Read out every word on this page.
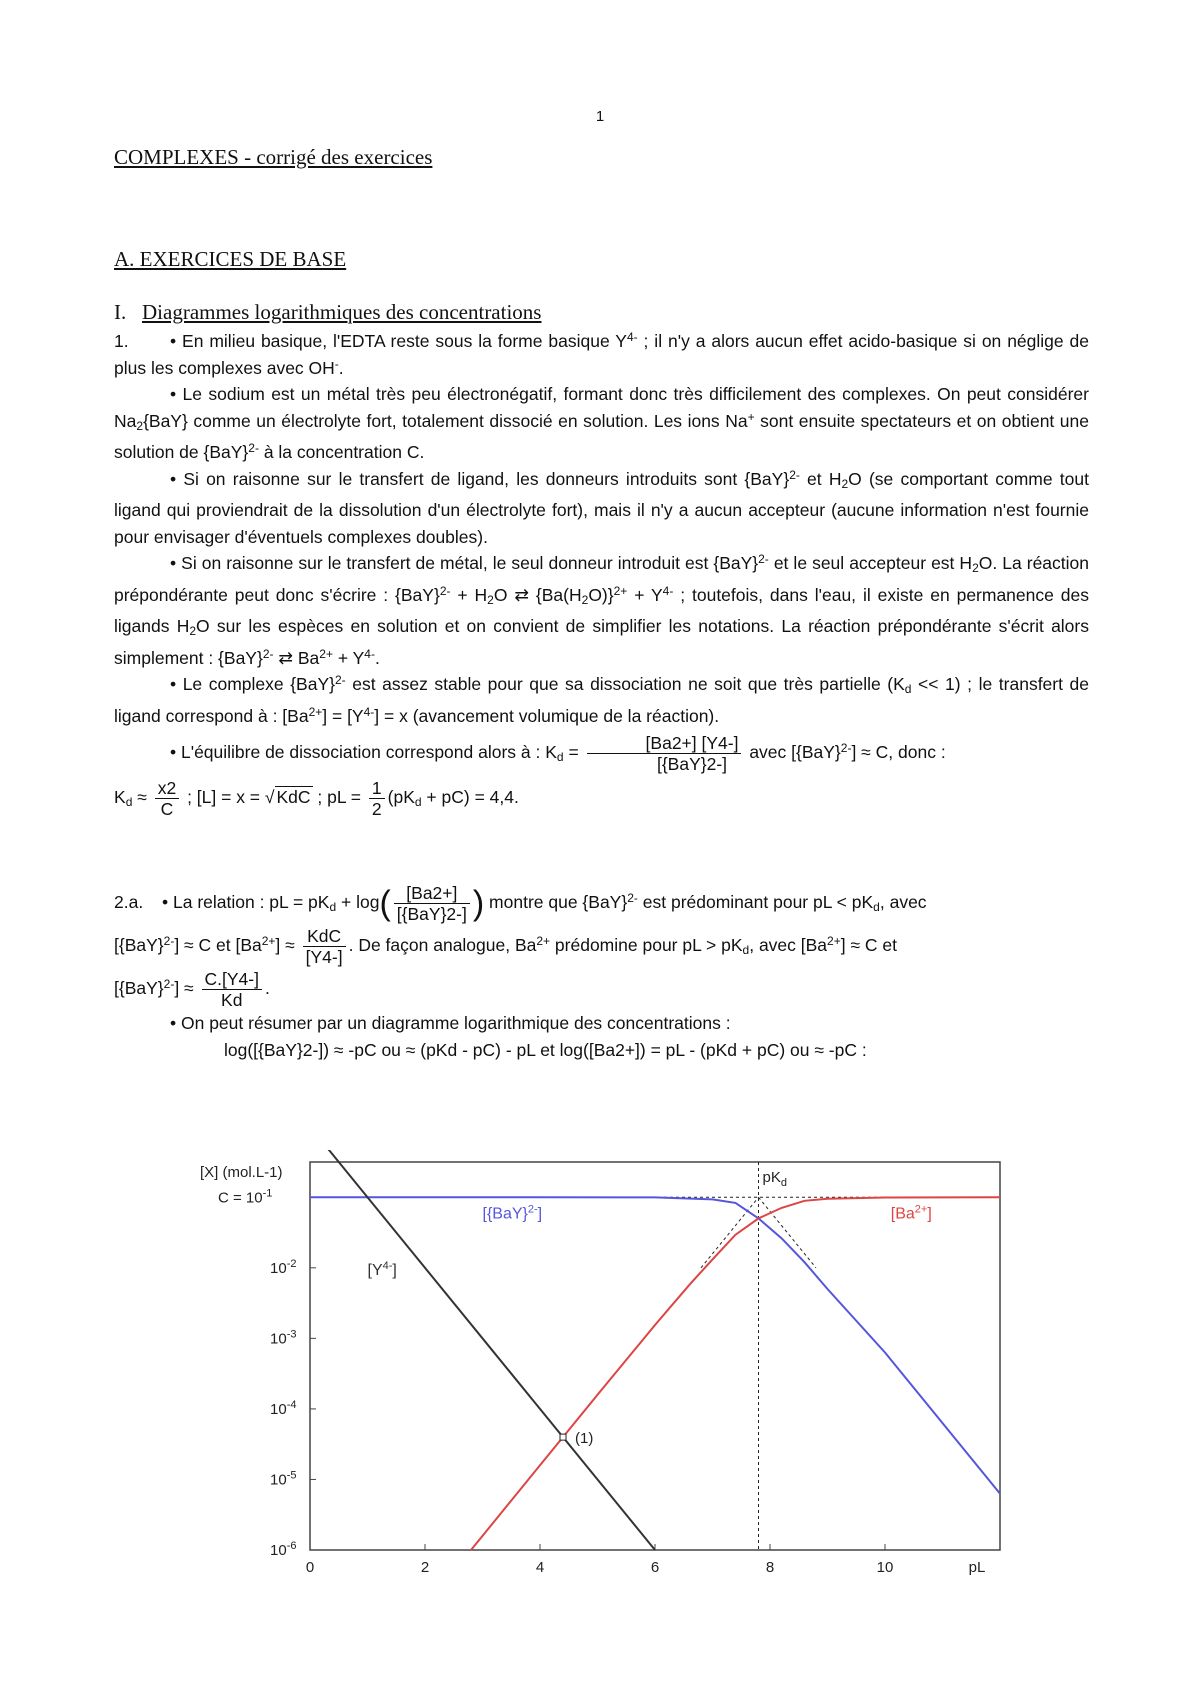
1
COMPLEXES - corrigé des exercices
A. EXERCICES DE BASE
I. Diagrammes logarithmiques des concentrations

1. • En milieu basique, l'EDTA reste sous la forme basique $Y^{4-}$ ; il n'y a alors aucun effet acido-basique si on néglige de plus les complexes avec OH-.

• Le sodium est un métal très peu électronégatif, formant donc très difficilement des complexes. On peut considérer $Na_2\{BaY\}$ comme un électrolyte fort, totalement dissocié en solution. Les ions Na+ sont ensuite spectateurs et on obtient une solution de {BaY}$^{2-}$ à la concentration C.

• Si on raisonne sur le transfert de ligand, les donneurs introduits sont {BaY}$^{2-}$ et $H_2O$ (se comportant comme tout ligand qui proviendrait de la dissolution d'un électrolyte fort), mais il n'y a aucun accepteur (aucune information n'est fournie pour envisager d'éventuels complexes doubles).

• Si on raisonne sur le transfert de métal, le seul donneur introduit est {BaY}$^{2-}$ et le seul accepteur est $H_2O$. La réaction prépondérante peut donc s'écrire : $\{BaY\}^{2-} + H_2O$ ⇄ $\{Ba(H_2O)\}^{2+} + Y^{4-}$ ; toutefois, dans l'eau, il existe en permanence des ligands $H_2O$ sur les espèces en solution et on convient de simplifier les notations. La réaction prépondérante s'écrit alors simplement : {BaY}$^{2-}$ ⇄ $Ba^{2+} + Y^{4-}$.

• Le complexe {BaY}$^{2-}$ est assez stable pour que sa dissociation ne soit que très partielle $(K_d << 1)$ ; le transfert de ligand correspond à : $[Ba^{2+}] = [Y^{4-}] = x$ (avancement volumique de la réaction).

• L'équilibre de dissociation correspond alors à : $K_d = \frac{[Ba2+] [Y4-]}{\text{[\{BaY\}2-]}}$ avec [{BaY}$^{2-}$] ≈ C, donc :

$K_d \approx \frac{x2}{C}$ ; [L] = x = √ KdC ; pL = $\frac{1}{2} (pK_d + pC) = 4,4$.

2.a. • La relation : pL = $pK_d + \log( \frac{[Ba2+]}{\text{[\{BaY\}2-]}}$ ) montre que {BaY}$^{2-}$ est prédominant pour pL < $pK_d$, avec

[{BaY}$^{2-}$] ≈ C et $[Ba^{2+}] \approx \frac{\text{KdC}}{[Y4-]}$ . De façon analogue, $Ba^{2+}$ prédomine pour pL > $pK_d$, avec $[Ba^{2+}] \approx C$ et

$[\{BaY\}^{2-}] \approx \frac{C.[Y4-]}{Kd}$ .

• On peut résumer par un diagramme logarithmique des concentrations :

log([{BaY}2-]) ≈ -pC ou ≈ (pKd - pC) - pL et log([Ba2+]) = pL - (pKd + pC) ou ≈ -pC :

0	2	4	6	8	10	pL
$10^{-6}$
$10^{-5}$
$10^{-4}$
$10^{-3}$
$10^{-2}$
$C = 10^{-1}$
[X] (mol.L-1)	$pK_d$
[{BaY}$^{2-}$]	$[Ba^{2+}]$
$[Y^{4-}]$
(1)
